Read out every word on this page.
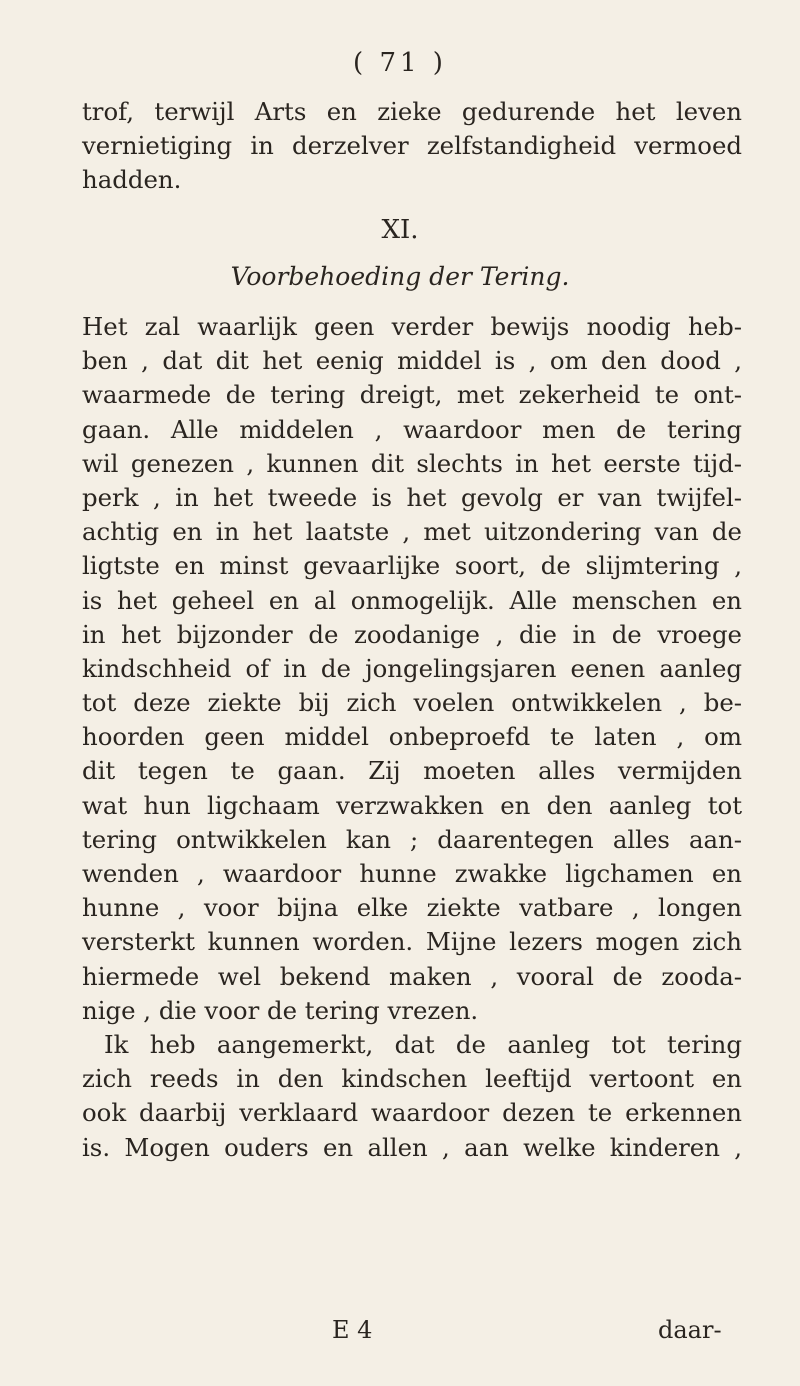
( 71 )
trof, terwijl Arts en zieke gedurende het leven
vernietiging in derzelver zelfstandigheid vermoed
hadden.
XI.
Voorbehoeding der Tering.
Het zal waarlijk geen verder bewijs noodig heb-
ben , dat dit het eenig middel is , om den dood ,
waarmede de tering dreigt, met zekerheid te ont-
gaan. Alle middelen , waardoor men de tering
wil genezen , kunnen dit slechts in het eerste tijd-
perk , in het tweede is het gevolg er van twijfel-
achtig en in het laatste , met uitzondering van de
ligtste en minst gevaarlijke soort, de slijmtering ,
is het geheel en al onmogelijk. Alle menschen en
in het bijzonder de zoodanige , die in de vroege
kindschheid of in de jongelingsjaren eenen aanleg
tot deze ziekte bij zich voelen ontwikkelen , be-
hoorden geen middel onbeproefd te laten , om
dit tegen te gaan. Zij moeten alles vermijden
wat hun ligchaam verzwakken en den aanleg tot
tering ontwikkelen kan ; daarentegen alles aan-
wenden , waardoor hunne zwakke ligchamen en
hunne , voor bijna elke ziekte vatbare , longen
versterkt kunnen worden. Mijne lezers mogen zich
hiermede wel bekend maken , vooral de zooda-
nige , die voor de tering vrezen.
Ik heb aangemerkt, dat de aanleg tot tering
zich reeds in den kindschen leeftijd vertoont en
ook daarbij verklaard waardoor dezen te erkennen
is. Mogen ouders en allen , aan welke kinderen ,
E 4	daar-
